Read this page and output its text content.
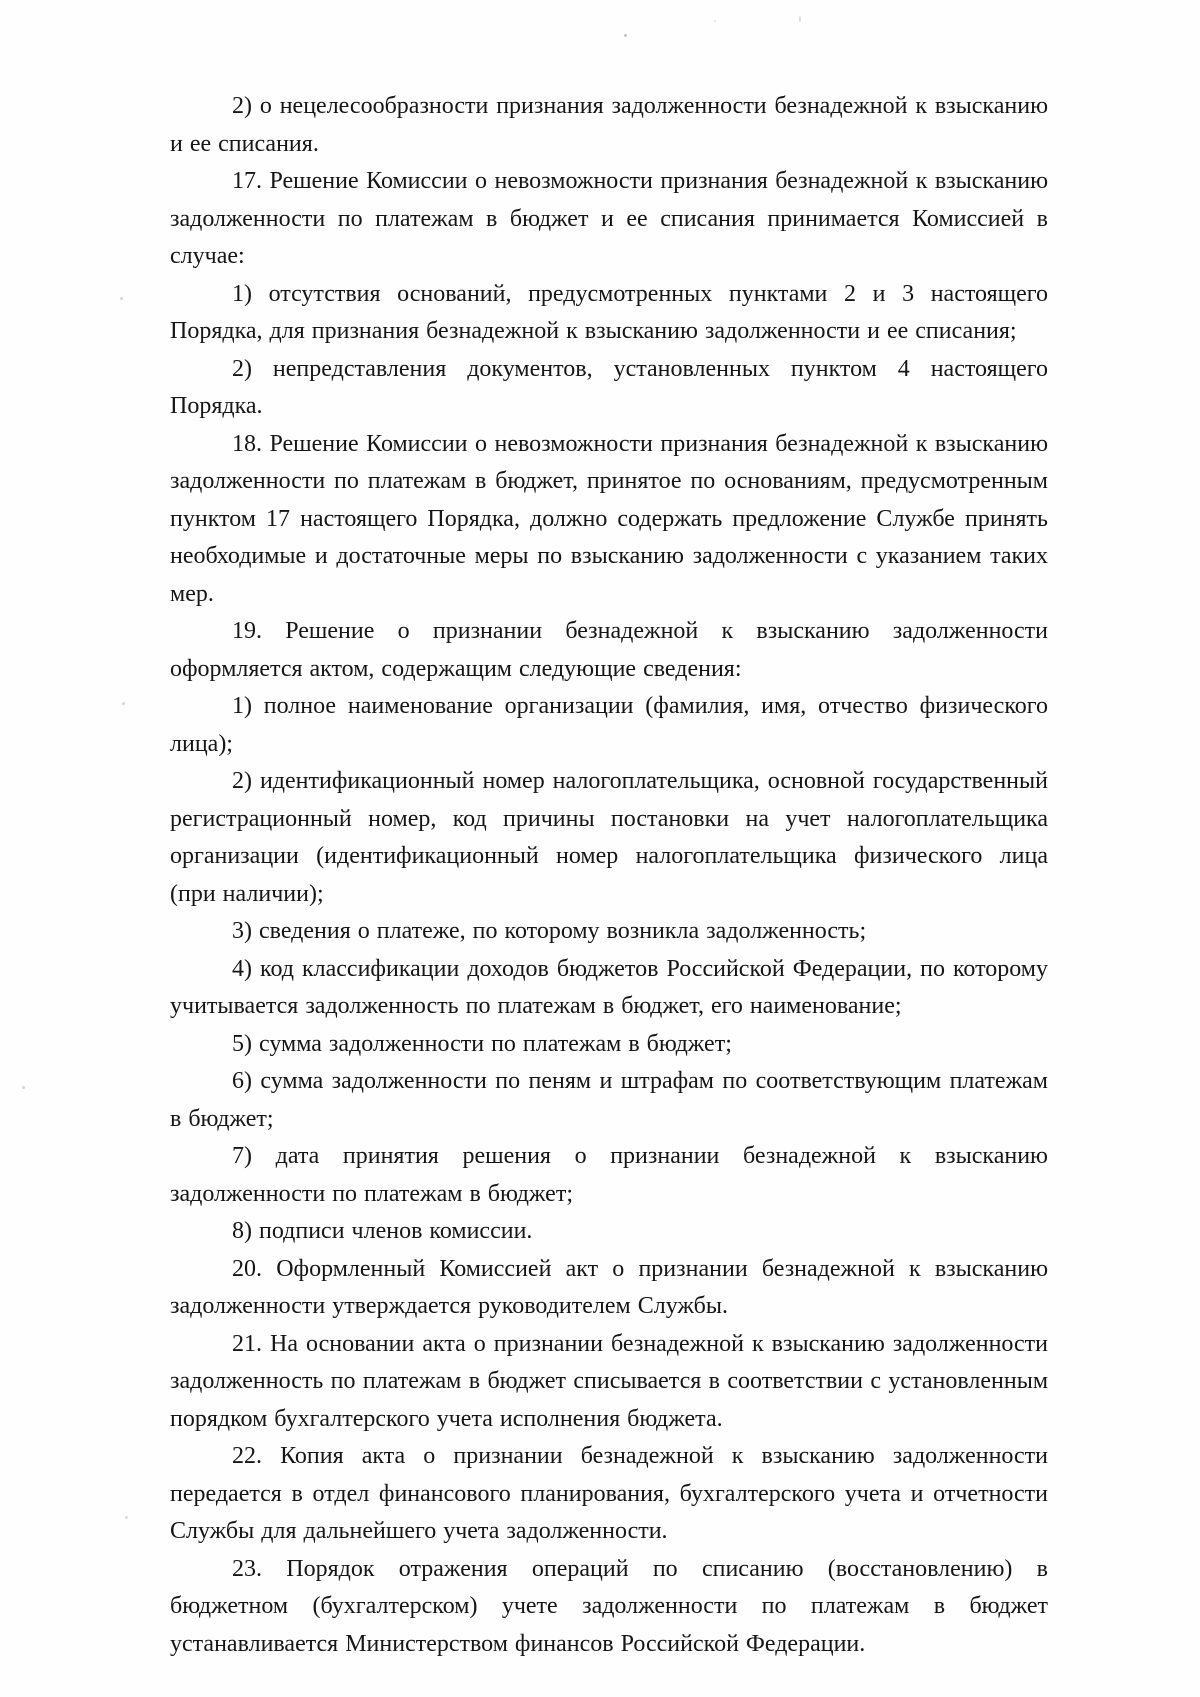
2) о нецелесообразности признания задолженности безнадежной к взысканию и ее списания.

17. Решение Комиссии о невозможности признания безнадежной к взысканию задолженности по платежам в бюджет и ее списания принимается Комиссией в случае:

1) отсутствия оснований, предусмотренных пунктами 2 и 3 настоящего Порядка, для признания безнадежной к взысканию задолженности и ее списания;

2) непредставления документов, установленных пунктом 4 настоящего Порядка.

18. Решение Комиссии о невозможности признания безнадежной к взысканию задолженности по платежам в бюджет, принятое по основаниям, предусмотренным пунктом 17 настоящего Порядка, должно содержать предложение Службе принять необходимые и достаточные меры по взысканию задолженности с указанием таких мер.

19. Решение о признании безнадежной к взысканию задолженности оформляется актом, содержащим следующие сведения:

1) полное наименование организации (фамилия, имя, отчество физического лица);

2) идентификационный номер налогоплательщика, основной государственный регистрационный номер, код причины постановки на учет налогоплательщика организации (идентификационный номер налогоплательщика физического лица (при наличии);

3) сведения о платеже, по которому возникла задолженность;

4) код классификации доходов бюджетов Российской Федерации, по которому учитывается задолженность по платежам в бюджет, его наименование;

5) сумма задолженности по платежам в бюджет;

6) сумма задолженности по пеням и штрафам по соответствующим платежам в бюджет;

7) дата принятия решения о признании безнадежной к взысканию задолженности по платежам в бюджет;

8) подписи членов комиссии.

20. Оформленный Комиссией акт о признании безнадежной к взысканию задолженности утверждается руководителем Службы.

21. На основании акта о признании безнадежной к взысканию задолженности задолженность по платежам в бюджет списывается в соответствии с установленным порядком бухгалтерского учета исполнения бюджета.

22. Копия акта о признании безнадежной к взысканию задолженности передается в отдел финансового планирования, бухгалтерского учета и отчетности Службы для дальнейшего учета задолженности.

23. Порядок отражения операций по списанию (восстановлению) в бюджетном (бухгалтерском) учете задолженности по платежам в бюджет устанавливается Министерством финансов Российской Федерации.
